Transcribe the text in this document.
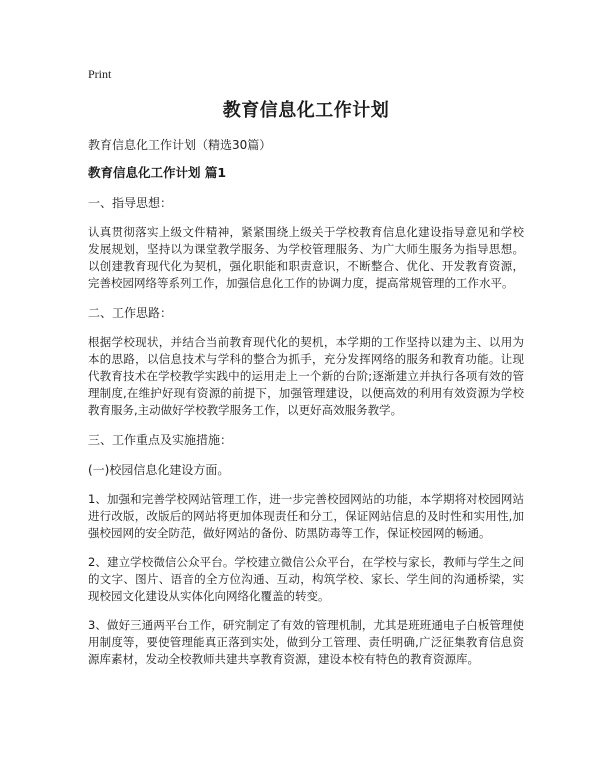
Print
教育信息化工作计划
教育信息化工作计划（精选30篇）
教育信息化工作计划 篇1
一、指导思想：
认真贯彻落实上级文件精神，紧紧围绕上级关于学校教育信息化建设指导意见和学校发展规划，坚持以为课堂教学服务、为学校管理服务、为广大师生服务为指导思想。以创建教育现代化为契机，强化职能和职责意识，不断整合、优化、开发教育资源，完善校园网络等系列工作，加强信息化工作的协调力度，提高常规管理的工作水平。
二、工作思路：
根据学校现状，并结合当前教育现代化的契机，本学期的工作坚持以建为主、以用为本的思路，以信息技术与学科的整合为抓手，充分发挥网络的服务和教育功能。让现代教育技术在学校教学实践中的运用走上一个新的台阶;逐渐建立并执行各项有效的管理制度,在维护好现有资源的前提下，加强管理建设，以便高效的利用有效资源为学校教育服务,主动做好学校教学服务工作，以更好高效服务教学。
三、工作重点及实施措施：
(一)校园信息化建设方面。
1、加强和完善学校网站管理工作，进一步完善校园网站的功能，本学期将对校园网站进行改版，改版后的网站将更加体现责任和分工，保证网站信息的及时性和实用性,加强校园网的安全防范，做好网站的备份、防黑防毒等工作，保证校园网的畅通。
2、建立学校微信公众平台。学校建立微信公众平台，在学校与家长，教师与学生之间的文字、图片、语音的全方位沟通、互动，构筑学校、家长、学生间的沟通桥梁，实现校园文化建设从实体化向网络化覆盖的转变。
3、做好三通两平台工作，研究制定了有效的管理机制，尤其是班班通电子白板管理使用制度等，要使管理能真正落到实处，做到分工管理、责任明确,广泛征集教育信息资源库素材，发动全校教师共建共享教育资源，建设本校有特色的教育资源库。
